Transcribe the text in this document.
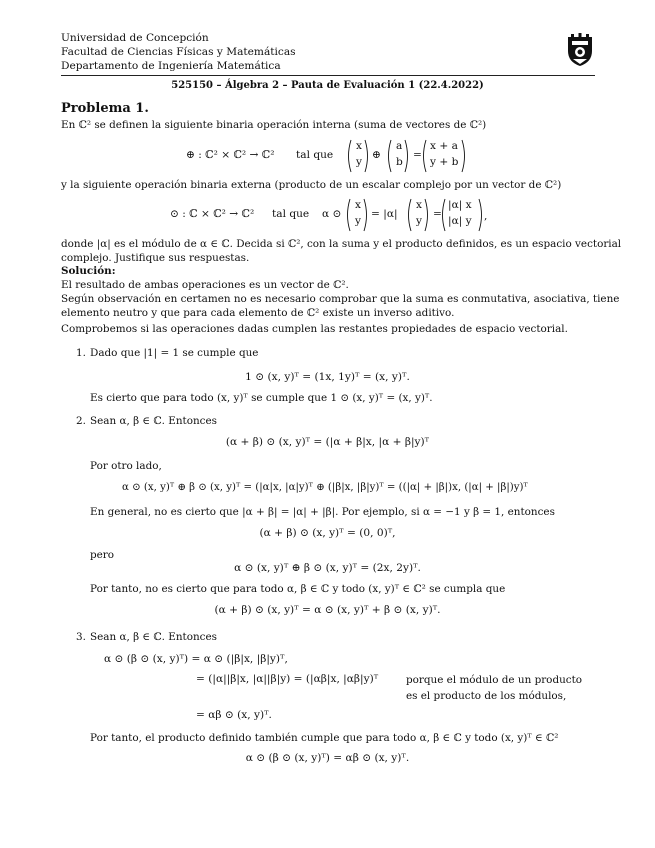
Universidad de Concepción
Facultad de Ciencias Físicas y Matemáticas
Departamento de Ingeniería Matemática
525150 – Álgebra 2 – Pauta de Evaluación 1 (22.4.2022)
Problema 1.
En ℂ² se definen la siguiente binaria operación interna (suma de vectores de ℂ²)
⊕ : ℂ² × ℂ² → ℂ² tal que
x
y
⊕
a
b
=
x + a
y + b
y la siguiente operación binaria externa (producto de un escalar complejo por un vector de ℂ²)
⊙ : ℂ × ℂ² → ℂ² tal que α ⊙
x
y
= |α|
x
y
=
|α| x
|α| y ,
donde |α| es el módulo de α ∈ ℂ. Decida si ℂ², con la suma y el producto definidos, es un espacio vectorial
complejo. Justifique sus respuestas.
Solución:
El resultado de ambas operaciones es un vector de ℂ².
Según observación en certamen no es necesario comprobar que la suma es conmutativa, asociativa, tiene
elemento neutro y que para cada elemento de ℂ² existe un inverso aditivo.
Comprobemos si las operaciones dadas cumplen las restantes propiedades de espacio vectorial.
1. Dado que |1| = 1 se cumple que
1 ⊙ (x, y)ᵀ = (1x, 1y)ᵀ = (x, y)ᵀ.
Es cierto que para todo (x, y)ᵀ se cumple que 1 ⊙ (x, y)ᵀ = (x, y)ᵀ.
2. Sean α, β ∈ ℂ. Entonces
(α + β) ⊙ (x, y)ᵀ = (|α + β|x, |α + β|y)ᵀ
Por otro lado,
α ⊙ (x, y)ᵀ ⊕ β ⊙ (x, y)ᵀ = (|α|x, |α|y)ᵀ ⊕ (|β|x, |β|y)ᵀ = ((|α| + |β|)x, (|α| + |β|)y)ᵀ
En general, no es cierto que |α + β| = |α| + |β|. Por ejemplo, si α = −1 y β = 1, entonces
(α + β) ⊙ (x, y)ᵀ = (0, 0)ᵀ,
pero
α ⊙ (x, y)ᵀ ⊕ β ⊙ (x, y)ᵀ = (2x, 2y)ᵀ.
Por tanto, no es cierto que para todo α, β ∈ ℂ y todo (x, y)ᵀ ∈ ℂ² se cumpla que
(α + β) ⊙ (x, y)ᵀ = α ⊙ (x, y)ᵀ + β ⊙ (x, y)ᵀ.
3. Sean α, β ∈ ℂ. Entonces
α ⊙ (β ⊙ (x, y)ᵀ) = α ⊙ (|β|x, |β|y)ᵀ,
= (|α||β|x, |α||β|y) = (|αβ|x, |αβ|y)ᵀ	porque el módulo de un producto
es el producto de los módulos,
= αβ ⊙ (x, y)ᵀ.
Por tanto, el producto definido también cumple que para todo α, β ∈ ℂ y todo (x, y)ᵀ ∈ ℂ²
α ⊙ (β ⊙ (x, y)ᵀ) = αβ ⊙ (x, y)ᵀ.
